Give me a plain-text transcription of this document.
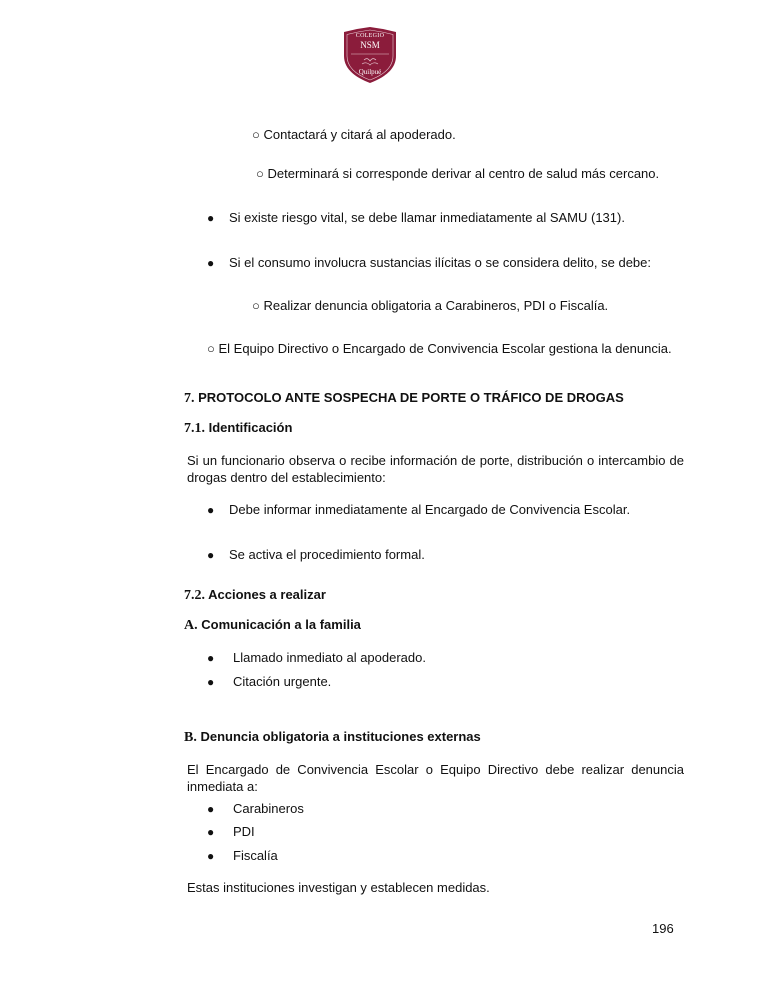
COLEGIO
NSM
Quilpué
○ Contactará y citará al apoderado.
○ Determinará si corresponde derivar al centro de salud más cercano.
● Si existe riesgo vital, se debe llamar inmediatamente al SAMU (131).
● Si el consumo involucra sustancias ilícitas o se considera delito, se debe:
○ Realizar denuncia obligatoria a Carabineros, PDI o Fiscalía.
○ El Equipo Directivo o Encargado de Convivencia Escolar gestiona la denuncia.
7. PROTOCOLO ANTE SOSPECHA DE PORTE O TRÁFICO DE DROGAS
7.1. Identificación
Si un funcionario observa o recibe información de porte, distribución o intercambio de drogas dentro del establecimiento:
● Debe informar inmediatamente al Encargado de Convivencia Escolar.
● Se activa el procedimiento formal.
7.2. Acciones a realizar
A. Comunicación a la familia
● Llamado inmediato al apoderado.
● Citación urgente.
B. Denuncia obligatoria a instituciones externas
El Encargado de Convivencia Escolar o Equipo Directivo debe realizar denuncia inmediata a:
● Carabineros
● PDI
● Fiscalía
Estas instituciones investigan y establecen medidas.
196
